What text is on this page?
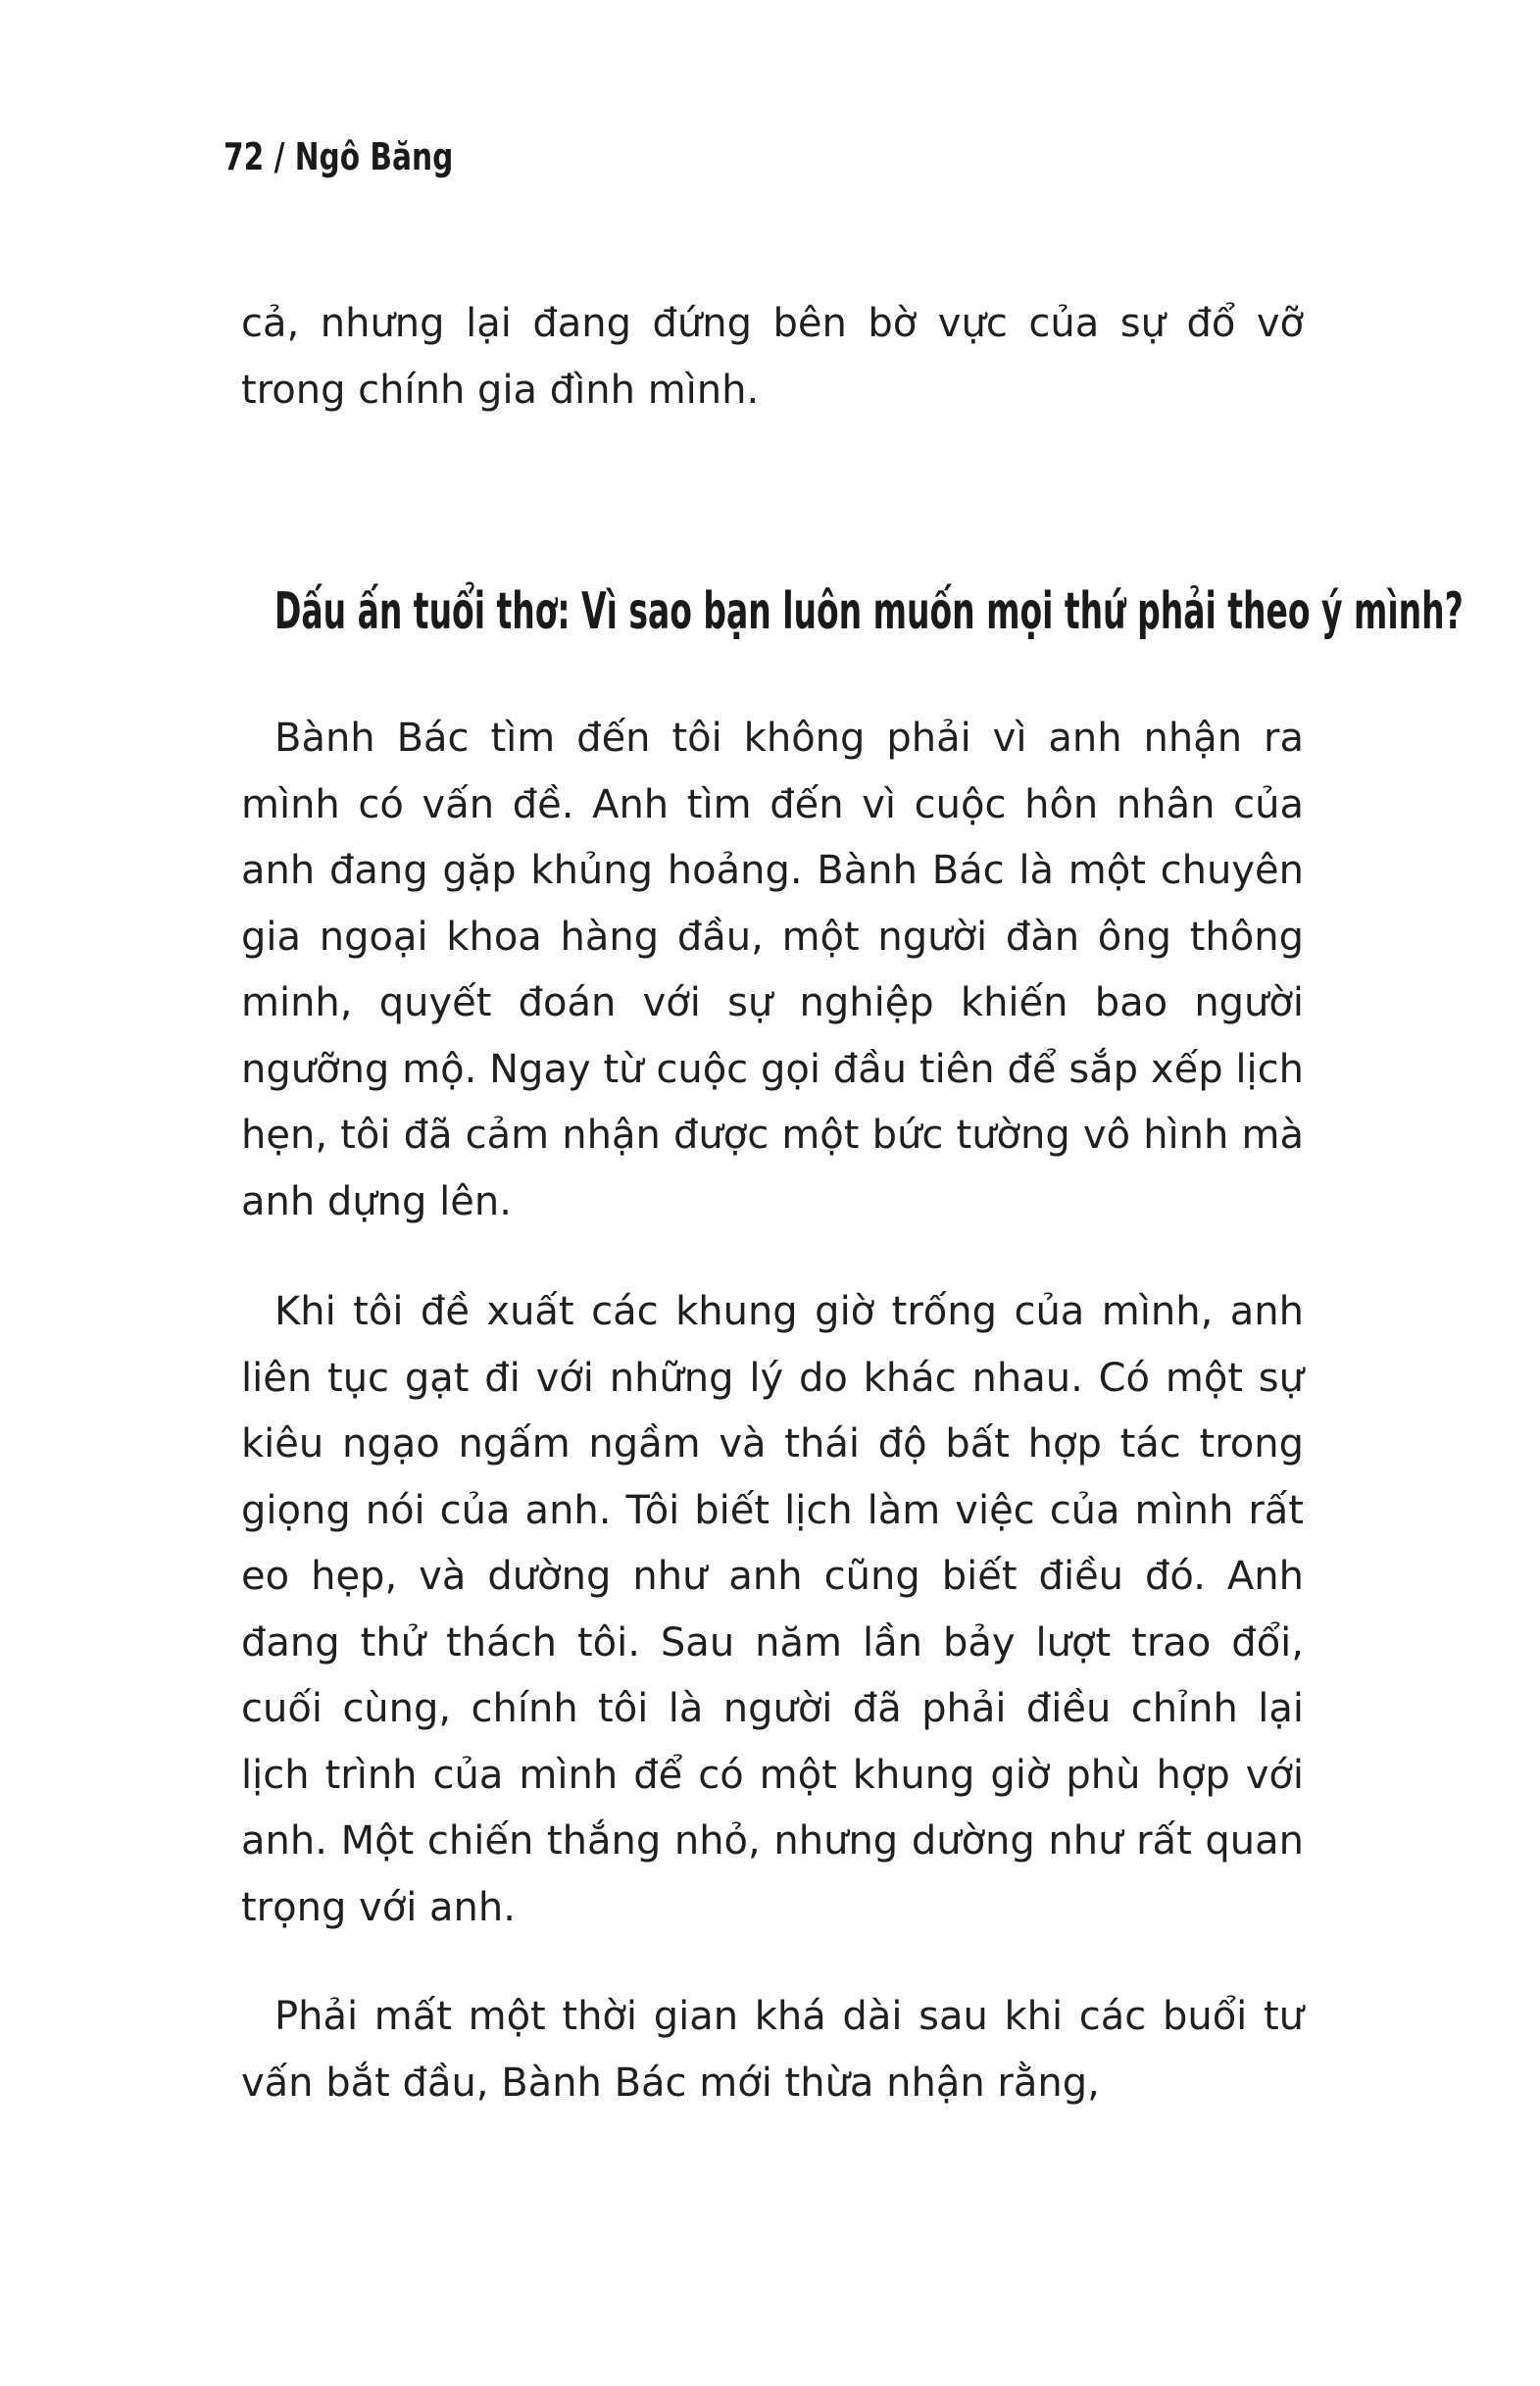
72 / Ngô Băng

cả, nhưng lại đang đứng bên bờ vực của sự đổ vỡ trong chính gia đình mình.

Dấu ấn tuổi thơ: Vì sao bạn luôn muốn mọi thứ phải theo ý mình?

Bành Bác tìm đến tôi không phải vì anh nhận ra mình có vấn đề. Anh tìm đến vì cuộc hôn nhân của anh đang gặp khủng hoảng. Bành Bác là một chuyên gia ngoại khoa hàng đầu, một người đàn ông thông minh, quyết đoán với sự nghiệp khiến bao người ngưỡng mộ. Ngay từ cuộc gọi đầu tiên để sắp xếp lịch hẹn, tôi đã cảm nhận được một bức tường vô hình mà anh dựng lên.

Khi tôi đề xuất các khung giờ trống của mình, anh liên tục gạt đi với những lý do khác nhau. Có một sự kiêu ngạo ngấm ngầm và thái độ bất hợp tác trong giọng nói của anh. Tôi biết lịch làm việc của mình rất eo hẹp, và dường như anh cũng biết điều đó. Anh đang thử thách tôi. Sau năm lần bảy lượt trao đổi, cuối cùng, chính tôi là người đã phải điều chỉnh lại lịch trình của mình để có một khung giờ phù hợp với anh. Một chiến thắng nhỏ, nhưng dường như rất quan trọng với anh.

Phải mất một thời gian khá dài sau khi các buổi tư vấn bắt đầu, Bành Bác mới thừa nhận rằng,
